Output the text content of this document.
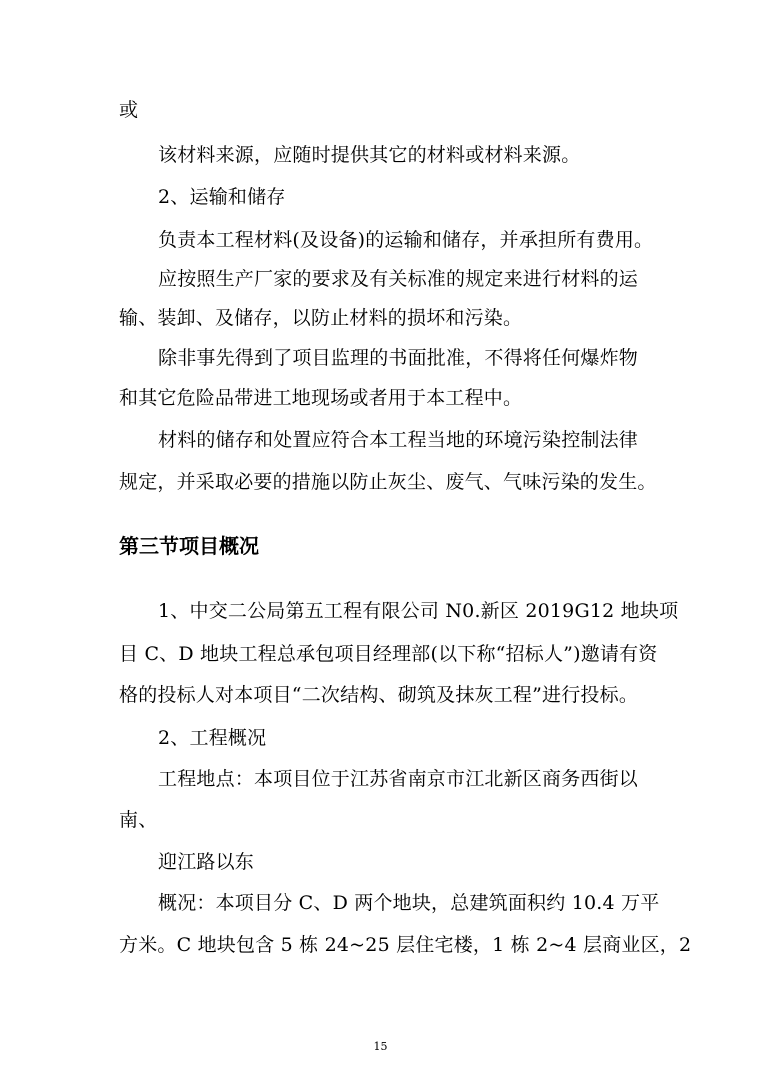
或
该材料来源，应随时提供其它的材料或材料来源。
2、运输和储存
负责本工程材料(及设备)的运输和储存，并承担所有费用。
应按照生产厂家的要求及有关标准的规定来进行材料的运
输、装卸、及储存，以防止材料的损坏和污染。
除非事先得到了项目监理的书面批准，不得将任何爆炸物
和其它危险品带进工地现场或者用于本工程中。
材料的储存和处置应符合本工程当地的环境污染控制法律
规定，并采取必要的措施以防止灰尘、废气、气味污染的发生。
第三节项目概况
1、中交二公局第五工程有限公司 N0.新区 2019G12 地块项
目 C、D 地块工程总承包项目经理部(以下称“招标人”)邀请有资
格的投标人对本项目“二次结构、砌筑及抹灰工程”进行投标。
2、工程概况
工程地点：本项目位于江苏省南京市江北新区商务西街以
南、
迎江路以东
概况：本项目分 C、D 两个地块，总建筑面积约 10.4 万平
方米。C 地块包含 5 栋 24~25 层住宅楼，1 栋 2~4 层商业区，2
15
